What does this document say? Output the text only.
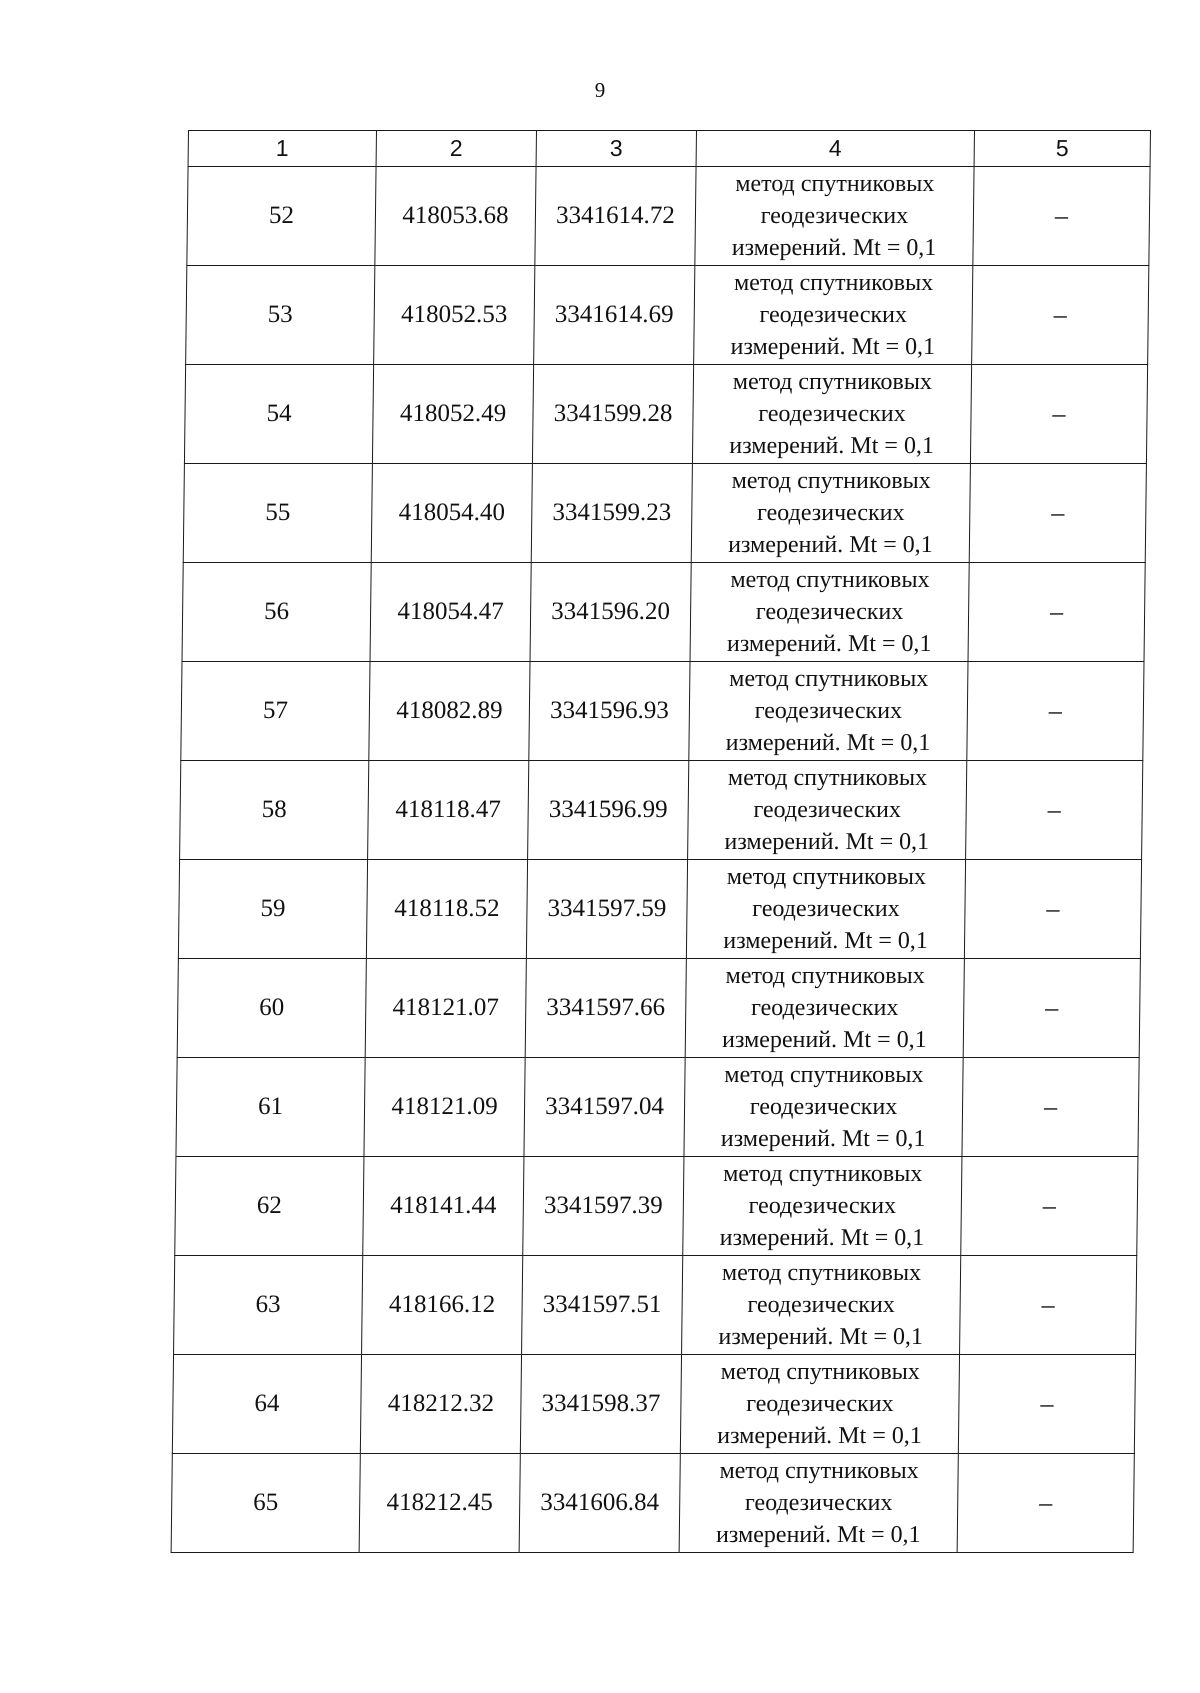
9
1	2	3	4	5
52	418053.68	3341614.72	метод спутниковых
геодезических
измерений. Mt = 0,1	–
53	418052.53	3341614.69	метод спутниковых
геодезических
измерений. Mt = 0,1	–
54	418052.49	3341599.28	метод спутниковых
геодезических
измерений. Mt = 0,1	–
55	418054.40	3341599.23	метод спутниковых
геодезических
измерений. Mt = 0,1	–
56	418054.47	3341596.20	метод спутниковых
геодезических
измерений. Mt = 0,1	–
57	418082.89	3341596.93	метод спутниковых
геодезических
измерений. Mt = 0,1	–
58	418118.47	3341596.99	метод спутниковых
геодезических
измерений. Mt = 0,1	–
59	418118.52	3341597.59	метод спутниковых
геодезических
измерений. Mt = 0,1	–
60	418121.07	3341597.66	метод спутниковых
геодезических
измерений. Mt = 0,1	–
61	418121.09	3341597.04	метод спутниковых
геодезических
измерений. Mt = 0,1	–
62	418141.44	3341597.39	метод спутниковых
геодезических
измерений. Mt = 0,1	–
63	418166.12	3341597.51	метод спутниковых
геодезических
измерений. Mt = 0,1	–
64	418212.32	3341598.37	метод спутниковых
геодезических
измерений. Mt = 0,1	–
65	418212.45	3341606.84	метод спутниковых
геодезических
измерений. Mt = 0,1	–
